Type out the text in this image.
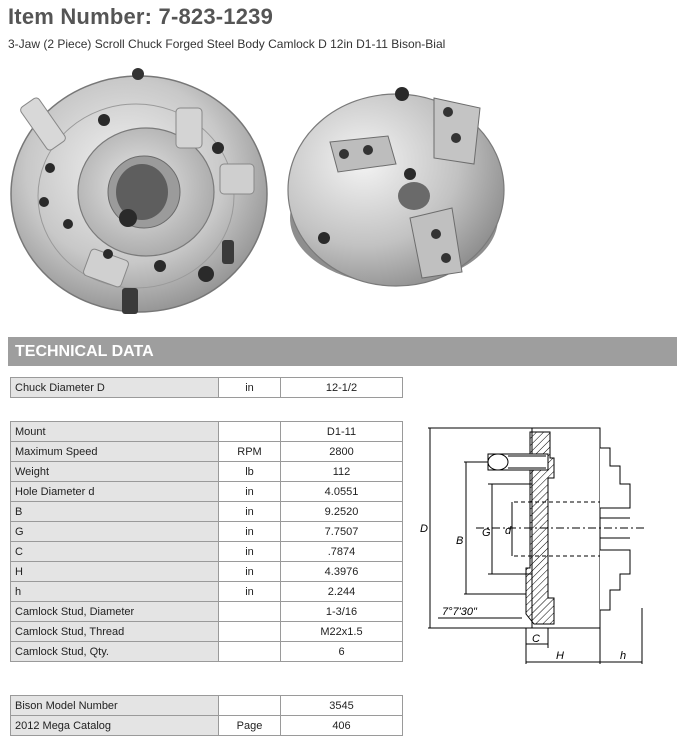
Item Number: 7-823-1239
3-Jaw (2 Piece) Scroll Chuck Forged Steel Body Camlock D 12in D1-11 Bison-Bial
TECHNICAL DATA
Chuck Diameter D	in	12-1/2
Mount		D1-11
Maximum Speed	RPM	2800
Weight	lb	112
Hole Diameter d	in	4.0551
B	in	9.2520
G	in	7.7507
C	in	.7874
H	in	4.3976
h	in	2.244
Camlock Stud, Diameter		1-3/16
Camlock Stud, Thread		M22x1.5
Camlock Stud, Qty.		6
Bison Model Number		3545
2012 Mega Catalog	Page	406
D
B
G d
C
H	h
7°7'30"
